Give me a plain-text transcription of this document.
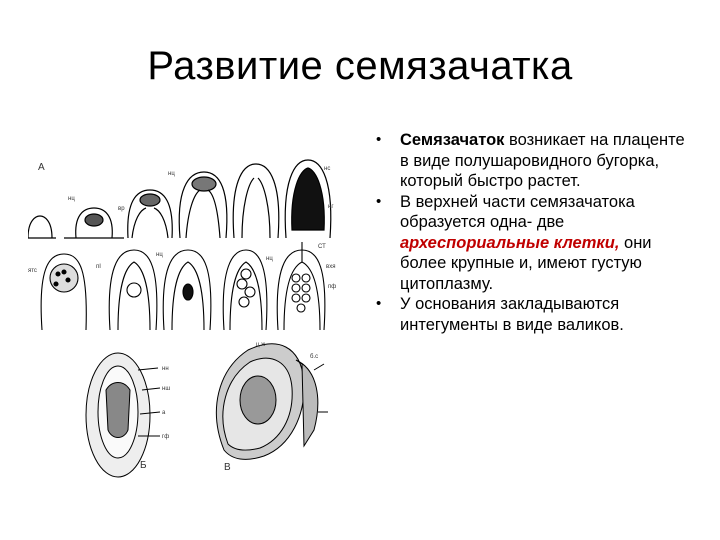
Развитие семязачатка
А
нц
вр
нц
нс
нг
ятс
пI
нц
нц
СТ
вхя
пф
нн
нш
а
гф
Б
ц.ж
б.с
В
• Семязачаток возникает на плаценте в виде полушаровидного бугорка, который быстро растет.
• В верхней части семязачатока образуется одна- две археспориальные клетки, они более крупные и, имеют густую цитоплазму.
• У основания закладываются интегументы в виде валиков.
